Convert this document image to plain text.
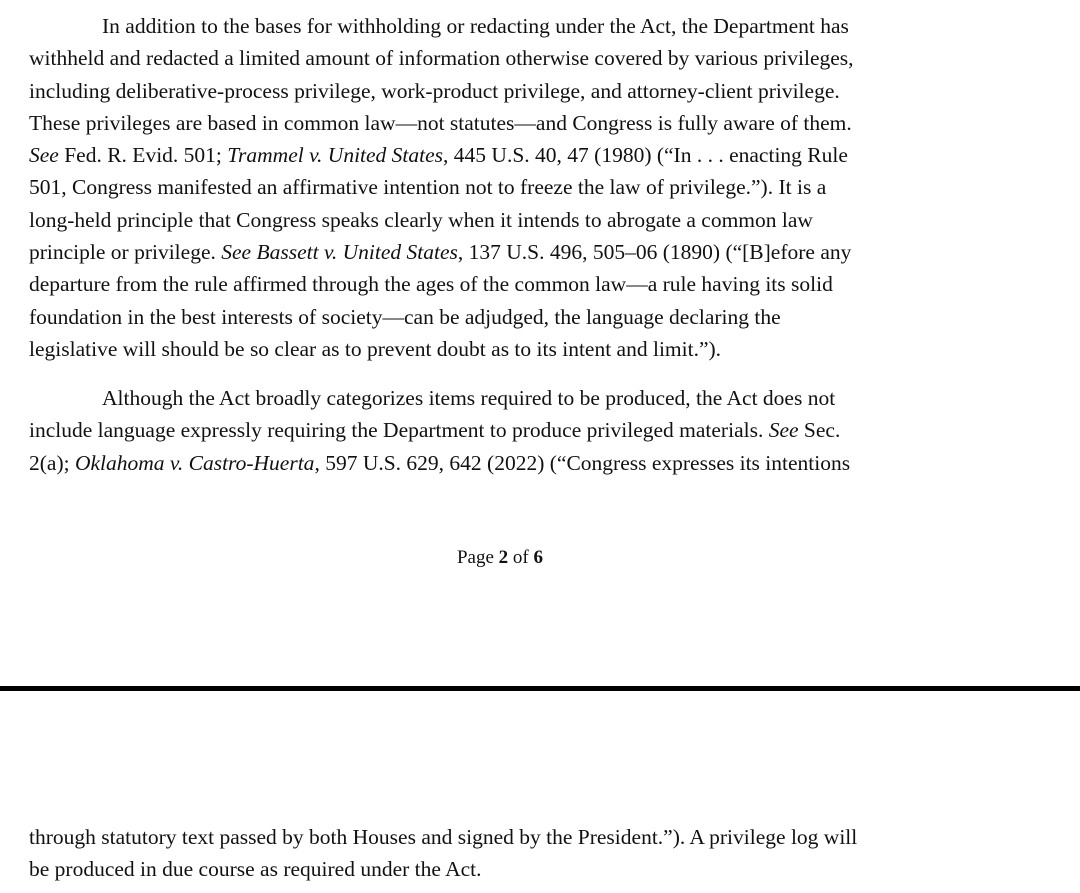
In addition to the bases for withholding or redacting under the Act, the Department has
withheld and redacted a limited amount of information otherwise covered by various privileges,
including deliberative-process privilege, work-product privilege, and attorney-client privilege.
These privileges are based in common law—not statutes—and Congress is fully aware of them.
See Fed. R. Evid. 501; Trammel v. United States, 445 U.S. 40, 47 (1980) (“In . . . enacting Rule
501, Congress manifested an affirmative intention not to freeze the law of privilege.”). It is a
long-held principle that Congress speaks clearly when it intends to abrogate a common law
principle or privilege. See Bassett v. United States, 137 U.S. 496, 505–06 (1890) (“[B]efore any
departure from the rule affirmed through the ages of the common law—a rule having its solid
foundation in the best interests of society—can be adjudged, the language declaring the
legislative will should be so clear as to prevent doubt as to its intent and limit.”).
Although the Act broadly categorizes items required to be produced, the Act does not
include language expressly requiring the Department to produce privileged materials. See Sec.
2(a); Oklahoma v. Castro-Huerta, 597 U.S. 629, 642 (2022) (“Congress expresses its intentions
Page 2 of 6
through statutory text passed by both Houses and signed by the President.”). A privilege log will
be produced in due course as required under the Act.
